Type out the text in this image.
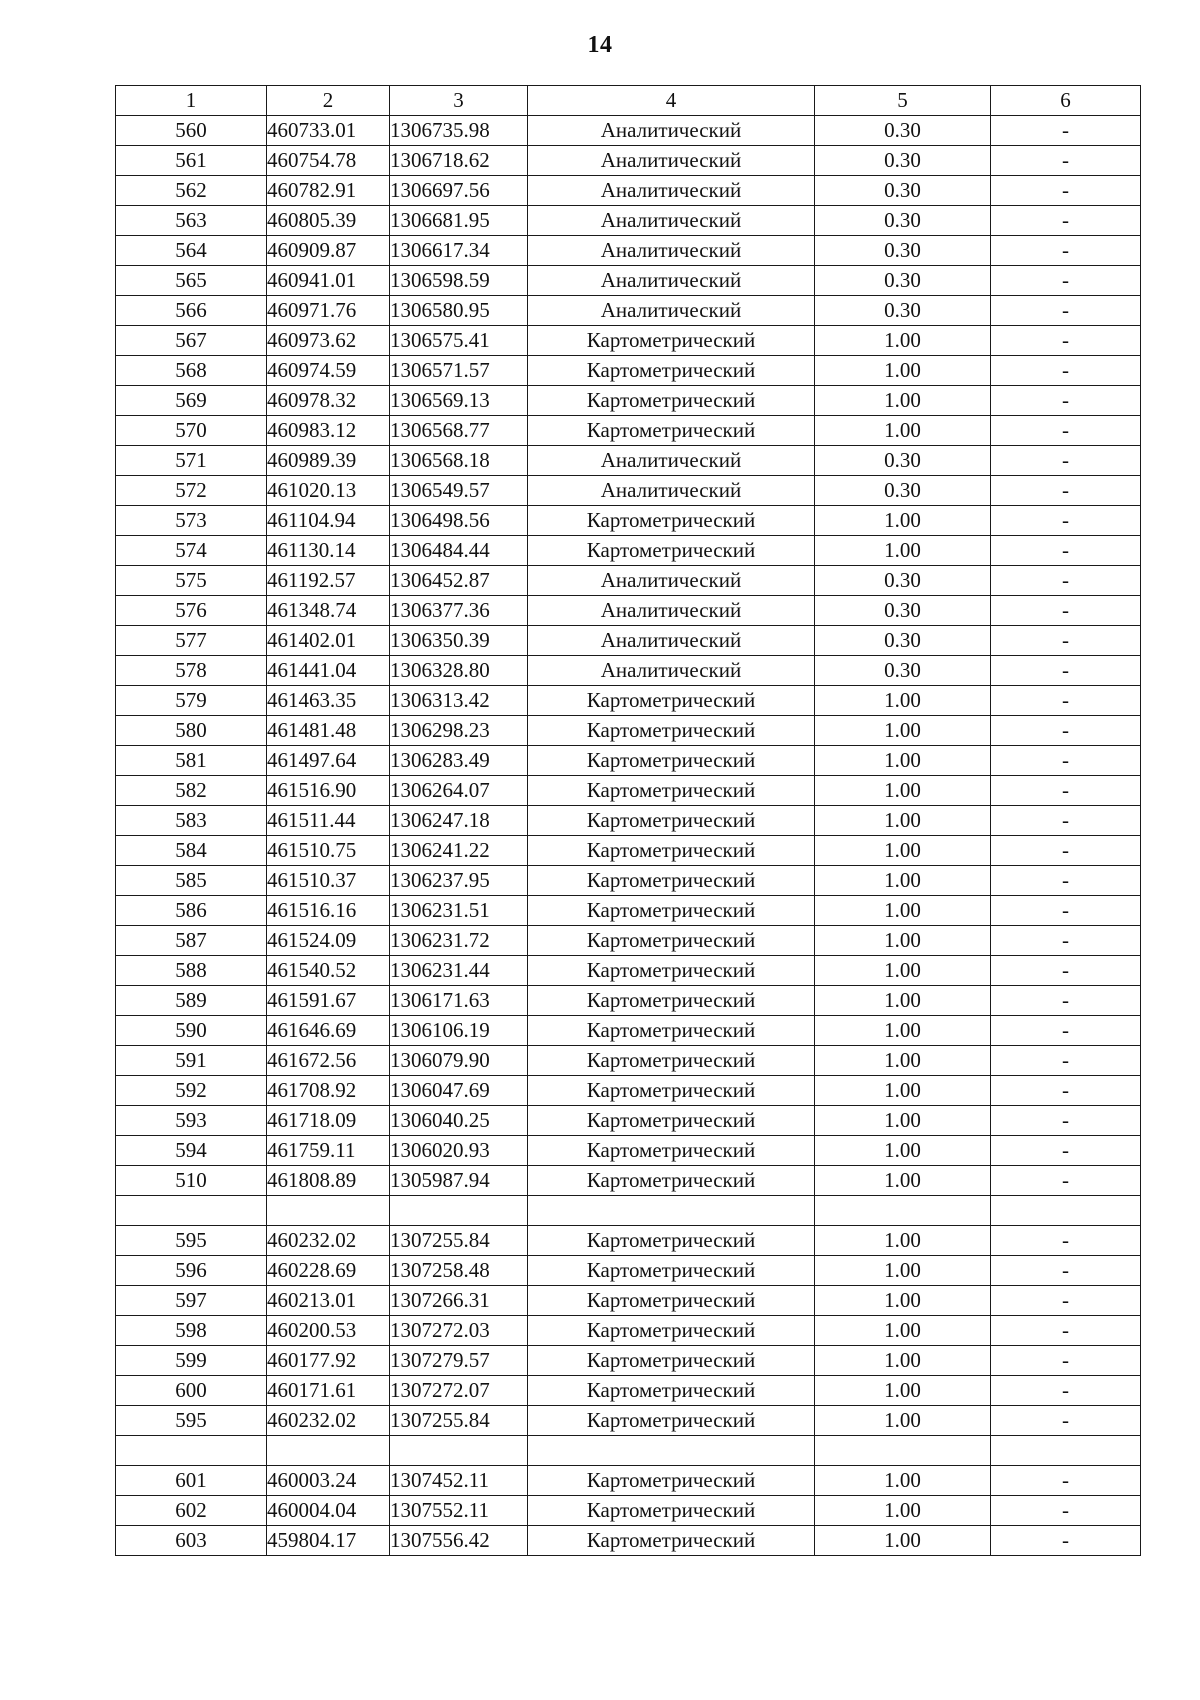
14
1	2	3	4	5	6
560	460733.01	1306735.98	Аналитический	0.30	-
561	460754.78	1306718.62	Аналитический	0.30	-
562	460782.91	1306697.56	Аналитический	0.30	-
563	460805.39	1306681.95	Аналитический	0.30	-
564	460909.87	1306617.34	Аналитический	0.30	-
565	460941.01	1306598.59	Аналитический	0.30	-
566	460971.76	1306580.95	Аналитический	0.30	-
567	460973.62	1306575.41	Картометрический	1.00	-
568	460974.59	1306571.57	Картометрический	1.00	-
569	460978.32	1306569.13	Картометрический	1.00	-
570	460983.12	1306568.77	Картометрический	1.00	-
571	460989.39	1306568.18	Аналитический	0.30	-
572	461020.13	1306549.57	Аналитический	0.30	-
573	461104.94	1306498.56	Картометрический	1.00	-
574	461130.14	1306484.44	Картометрический	1.00	-
575	461192.57	1306452.87	Аналитический	0.30	-
576	461348.74	1306377.36	Аналитический	0.30	-
577	461402.01	1306350.39	Аналитический	0.30	-
578	461441.04	1306328.80	Аналитический	0.30	-
579	461463.35	1306313.42	Картометрический	1.00	-
580	461481.48	1306298.23	Картометрический	1.00	-
581	461497.64	1306283.49	Картометрический	1.00	-
582	461516.90	1306264.07	Картометрический	1.00	-
583	461511.44	1306247.18	Картометрический	1.00	-
584	461510.75	1306241.22	Картометрический	1.00	-
585	461510.37	1306237.95	Картометрический	1.00	-
586	461516.16	1306231.51	Картометрический	1.00	-
587	461524.09	1306231.72	Картометрический	1.00	-
588	461540.52	1306231.44	Картометрический	1.00	-
589	461591.67	1306171.63	Картометрический	1.00	-
590	461646.69	1306106.19	Картометрический	1.00	-
591	461672.56	1306079.90	Картометрический	1.00	-
592	461708.92	1306047.69	Картометрический	1.00	-
593	461718.09	1306040.25	Картометрический	1.00	-
594	461759.11	1306020.93	Картометрический	1.00	-
510	461808.89	1305987.94	Картометрический	1.00	-

595	460232.02	1307255.84	Картометрический	1.00	-
596	460228.69	1307258.48	Картометрический	1.00	-
597	460213.01	1307266.31	Картометрический	1.00	-
598	460200.53	1307272.03	Картометрический	1.00	-
599	460177.92	1307279.57	Картометрический	1.00	-
600	460171.61	1307272.07	Картометрический	1.00	-
595	460232.02	1307255.84	Картометрический	1.00	-

601	460003.24	1307452.11	Картометрический	1.00	-
602	460004.04	1307552.11	Картометрический	1.00	-
603	459804.17	1307556.42	Картометрический	1.00	-
